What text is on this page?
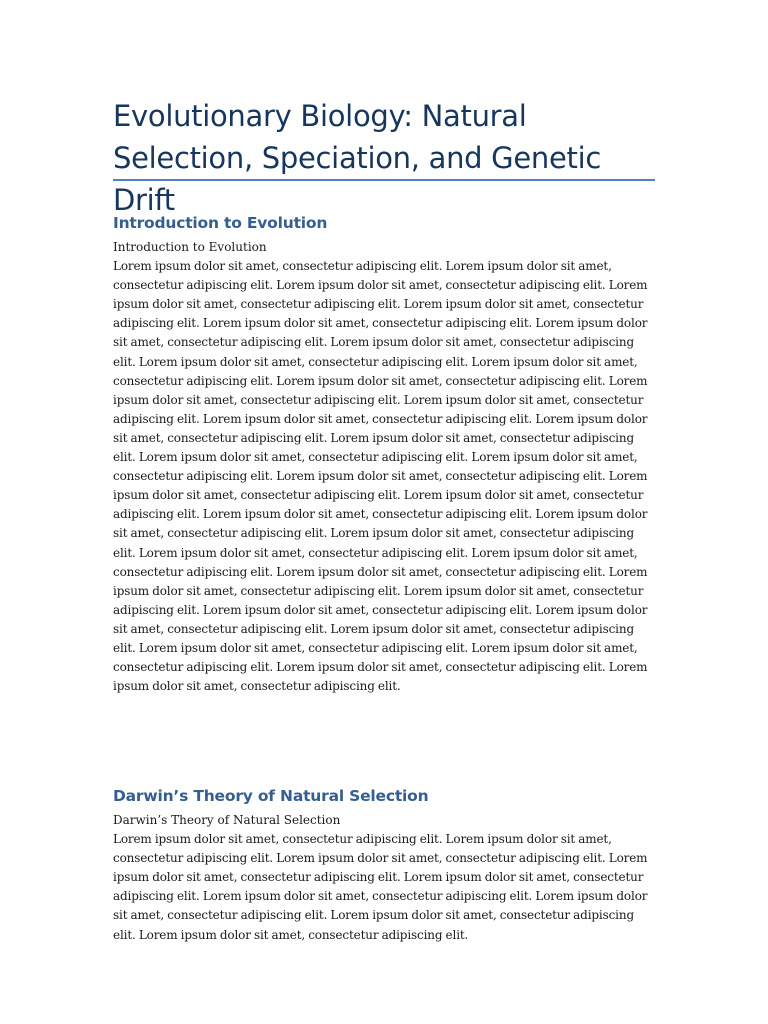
Evolutionary Biology: Natural Selection, Speciation, and Genetic Drift
Introduction to Evolution

Introduction to Evolution

Lorem ipsum dolor sit amet, consectetur adipiscing elit. Lorem ipsum dolor sit amet, consectetur adipiscing elit. Lorem ipsum dolor sit amet, consectetur adipiscing elit. Lorem ipsum dolor sit amet, consectetur adipiscing elit. Lorem ipsum dolor sit amet, consectetur adipiscing elit. Lorem ipsum dolor sit amet, consectetur adipiscing elit. Lorem ipsum dolor sit amet, consectetur adipiscing elit. Lorem ipsum dolor sit amet, consectetur adipiscing elit. Lorem ipsum dolor sit amet, consectetur adipiscing elit. Lorem ipsum dolor sit amet, consectetur adipiscing elit. Lorem ipsum dolor sit amet, consectetur adipiscing elit. Lorem ipsum dolor sit amet, consectetur adipiscing elit. Lorem ipsum dolor sit amet, consectetur adipiscing elit. Lorem ipsum dolor sit amet, consectetur adipiscing elit. Lorem ipsum dolor sit amet, consectetur adipiscing elit. Lorem ipsum dolor sit amet, consectetur adipiscing elit. Lorem ipsum dolor sit amet, consectetur adipiscing elit. Lorem ipsum dolor sit amet, consectetur adipiscing elit. Lorem ipsum dolor sit amet, consectetur adipiscing elit. Lorem ipsum dolor sit amet, consectetur adipiscing elit. Lorem ipsum dolor sit amet, consectetur adipiscing elit. Lorem ipsum dolor sit amet, consectetur adipiscing elit. Lorem ipsum dolor sit amet, consectetur adipiscing elit. Lorem ipsum dolor sit amet, consectetur adipiscing elit. Lorem ipsum dolor sit amet, consectetur adipiscing elit. Lorem ipsum dolor sit amet, consectetur adipiscing elit. Lorem ipsum dolor sit amet, consectetur adipiscing elit. Lorem ipsum dolor sit amet, consectetur adipiscing elit. Lorem ipsum dolor sit amet, consectetur adipiscing elit. Lorem ipsum dolor sit amet, consectetur adipiscing elit. Lorem ipsum dolor sit amet, consectetur adipiscing elit. Lorem ipsum dolor sit amet, consectetur adipiscing elit. Lorem ipsum dolor sit amet, consectetur adipiscing elit. Lorem ipsum dolor sit amet, consectetur adipiscing elit. Lorem ipsum dolor sit amet, consectetur adipiscing elit. Lorem ipsum dolor sit amet, consectetur adipiscing elit.

Darwin’s Theory of Natural Selection

Darwin’s Theory of Natural Selection

Lorem ipsum dolor sit amet, consectetur adipiscing elit. Lorem ipsum dolor sit amet, consectetur adipiscing elit. Lorem ipsum dolor sit amet, consectetur adipiscing elit. Lorem ipsum dolor sit amet, consectetur adipiscing elit. Lorem ipsum dolor sit amet, consectetur adipiscing elit. Lorem ipsum dolor sit amet, consectetur adipiscing elit. Lorem ipsum dolor sit amet, consectetur adipiscing elit. Lorem ipsum dolor sit amet, consectetur adipiscing elit. Lorem ipsum dolor sit amet, consectetur adipiscing elit.
